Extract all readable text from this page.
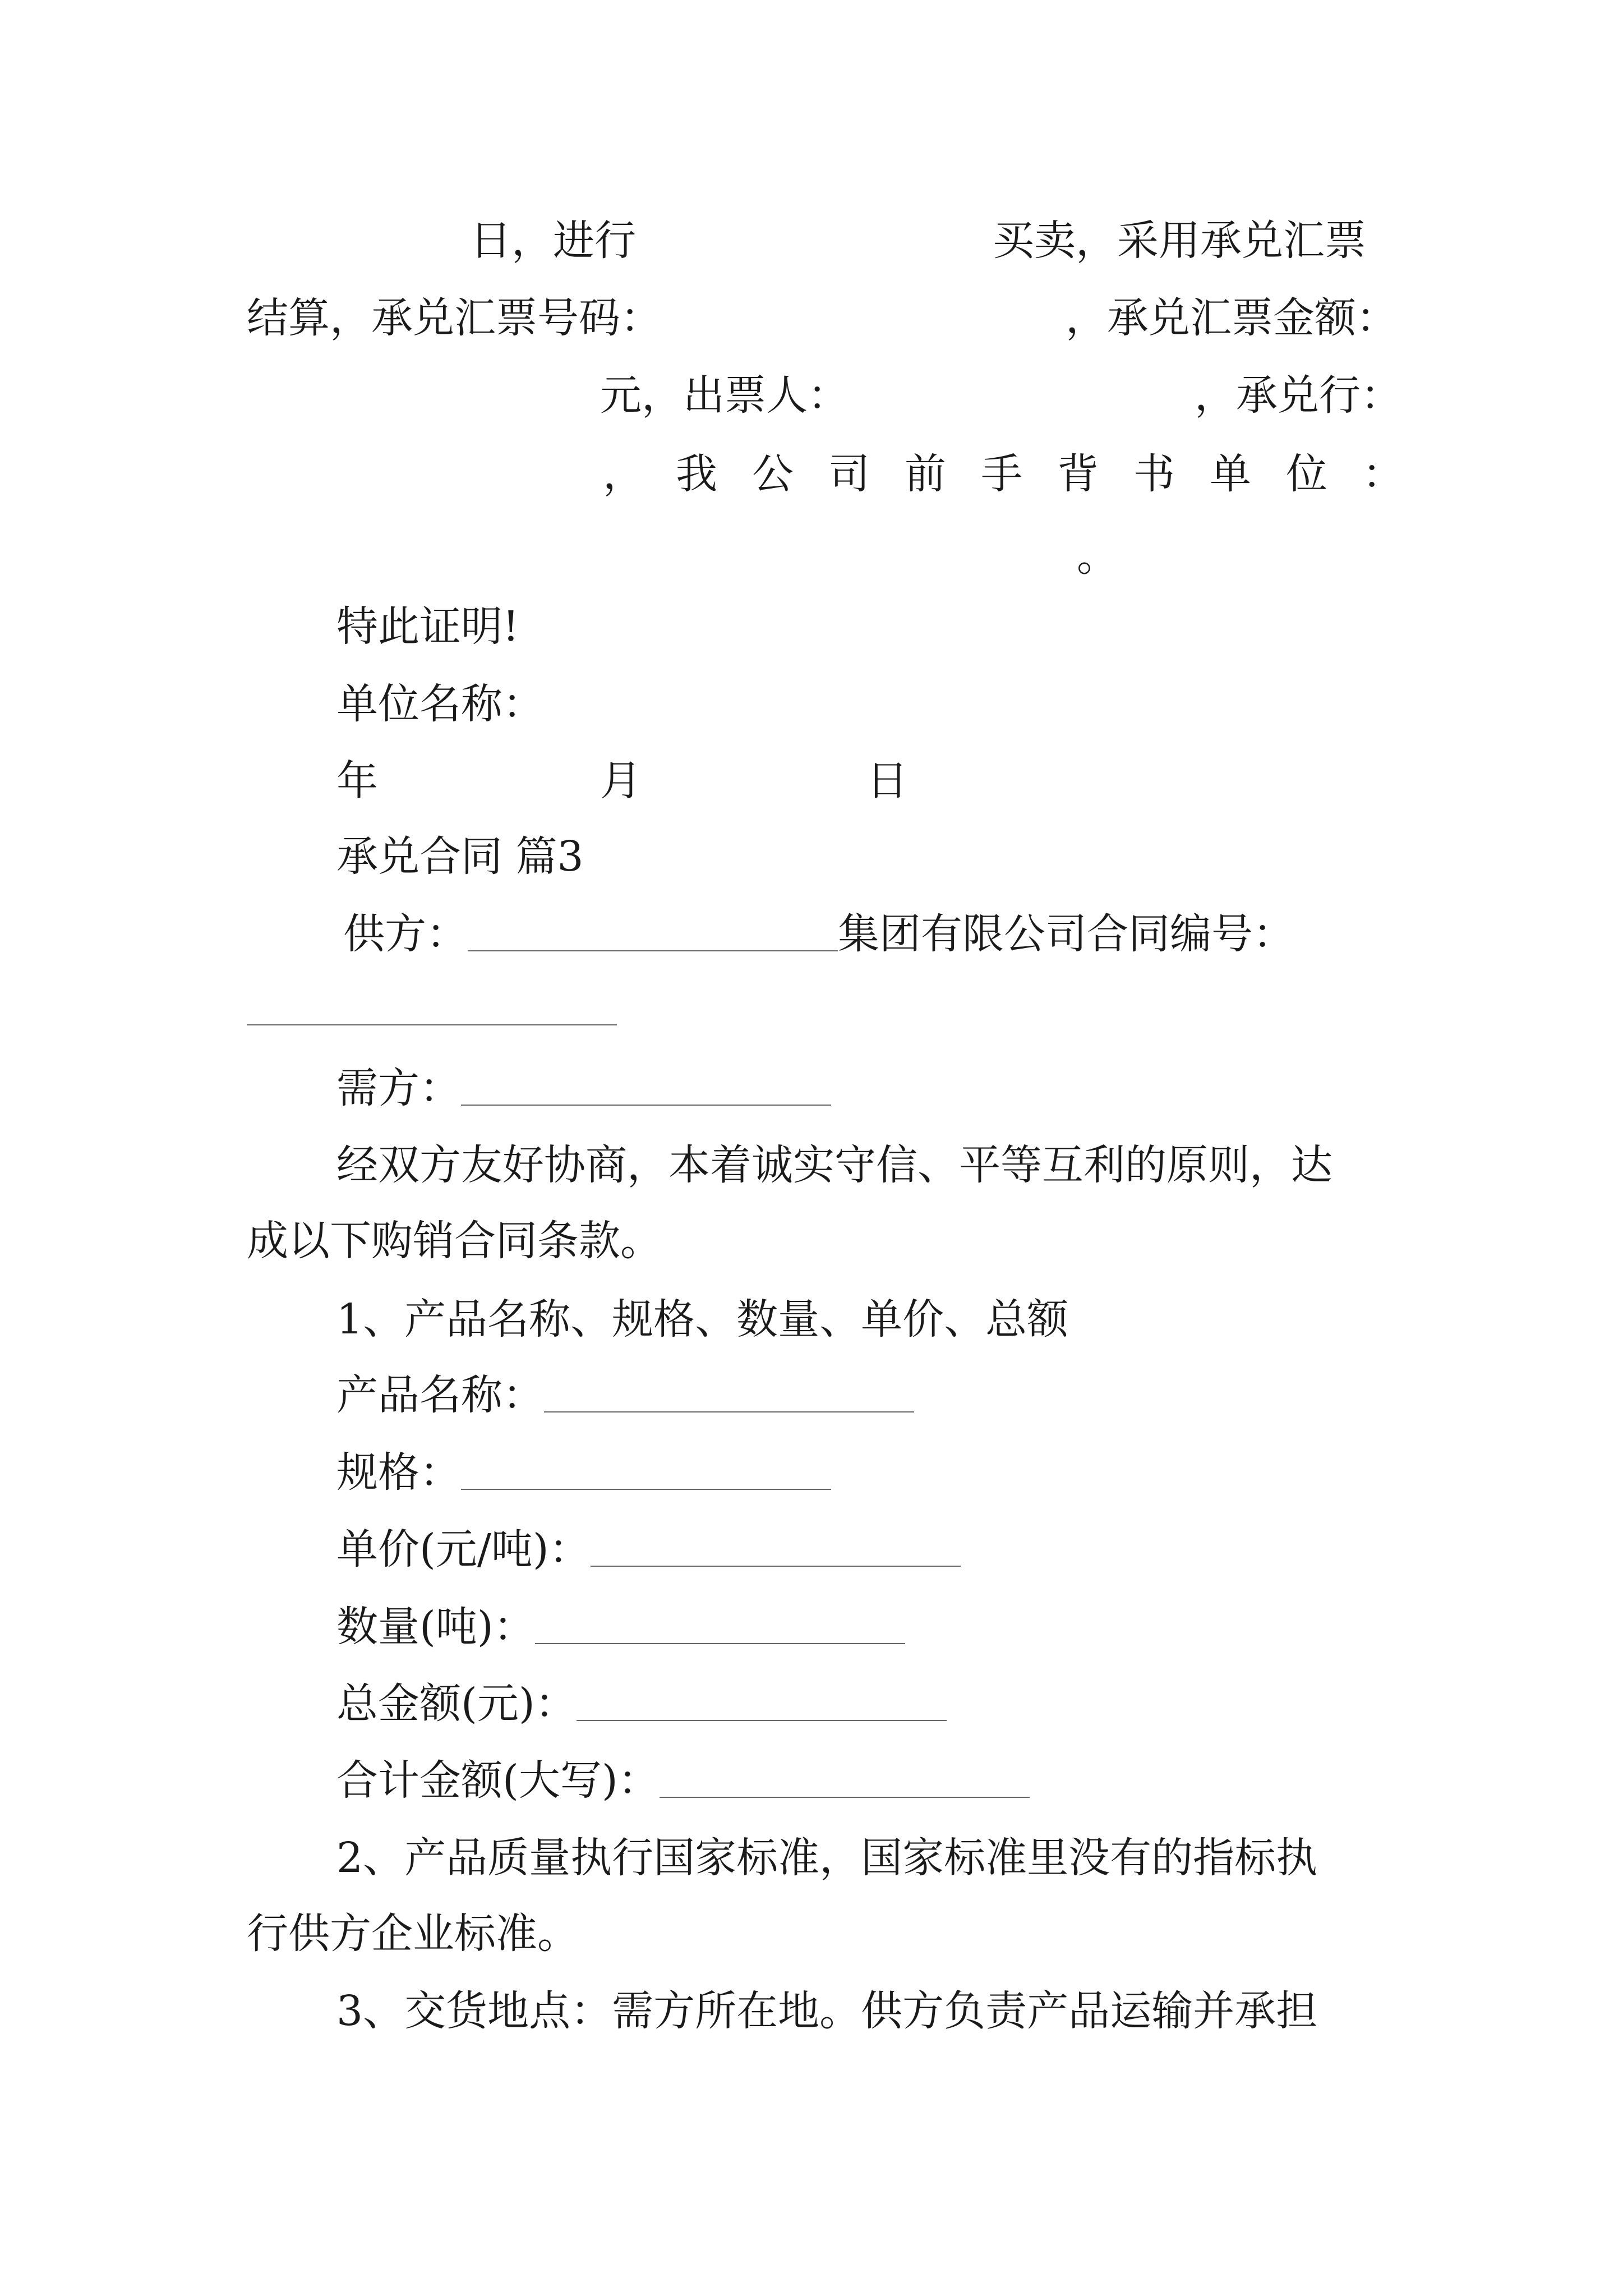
日，进行	买卖，采用承兑汇票
结算，承兑汇票号码：	，承兑汇票金额：
元，出票人：	，承兑行：
， 我公司前手背书单位：
。
特此证明!
单位名称：
年	月	日
承兑合同 篇3
供方：	集团有限公司合同编号：
需方：
经双方友好协商，本着诚实守信、平等互利的原则，达
成以下购销合同条款。
1、产品名称、规格、数量、单价、总额
产品名称：
规格：
单价(元/吨)：
数量(吨)：
总金额(元)：
合计金额(大写)：
2、产品质量执行国家标准，国家标准里没有的指标执
行供方企业标准。
3、交货地点：需方所在地。供方负责产品运输并承担
